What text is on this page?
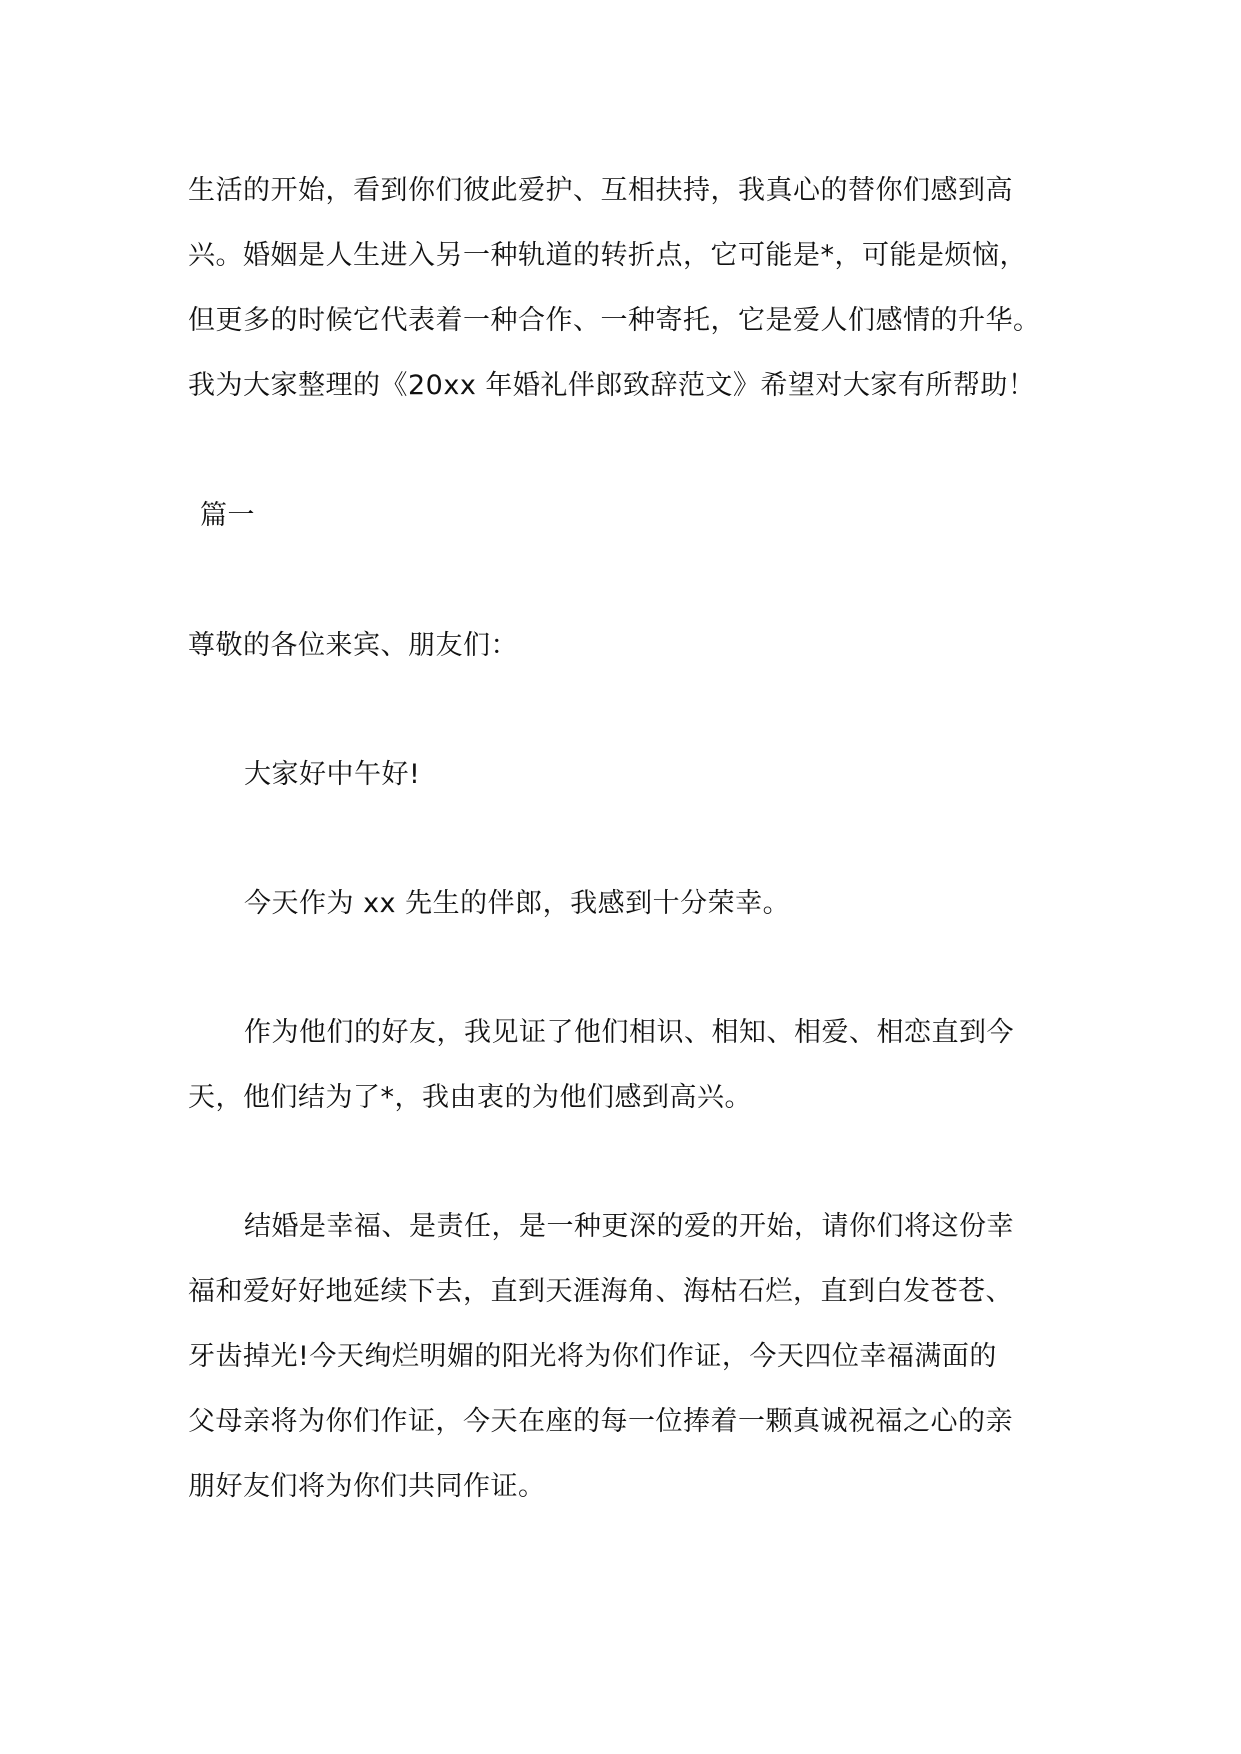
生活的开始，看到你们彼此爱护、互相扶持，我真心的替你们感到高

兴。婚姻是人生进入另一种轨道的转折点，它可能是*，可能是烦恼，

但更多的时候它代表着一种合作、一种寄托，它是爱人们感情的升华。

我为大家整理的《20xx 年婚礼伴郎致辞范文》希望对大家有所帮助！

篇一

尊敬的各位来宾、朋友们：

大家好中午好!

今天作为 xx 先生的伴郎，我感到十分荣幸。

作为他们的好友，我见证了他们相识、相知、相爱、相恋直到今

天，他们结为了*，我由衷的为他们感到高兴。

结婚是幸福、是责任，是一种更深的爱的开始，请你们将这份幸

福和爱好好地延续下去，直到天涯海角、海枯石烂，直到白发苍苍、

牙齿掉光!今天绚烂明媚的阳光将为你们作证，今天四位幸福满面的

父母亲将为你们作证，今天在座的每一位捧着一颗真诚祝福之心的亲

朋好友们将为你们共同作证。
